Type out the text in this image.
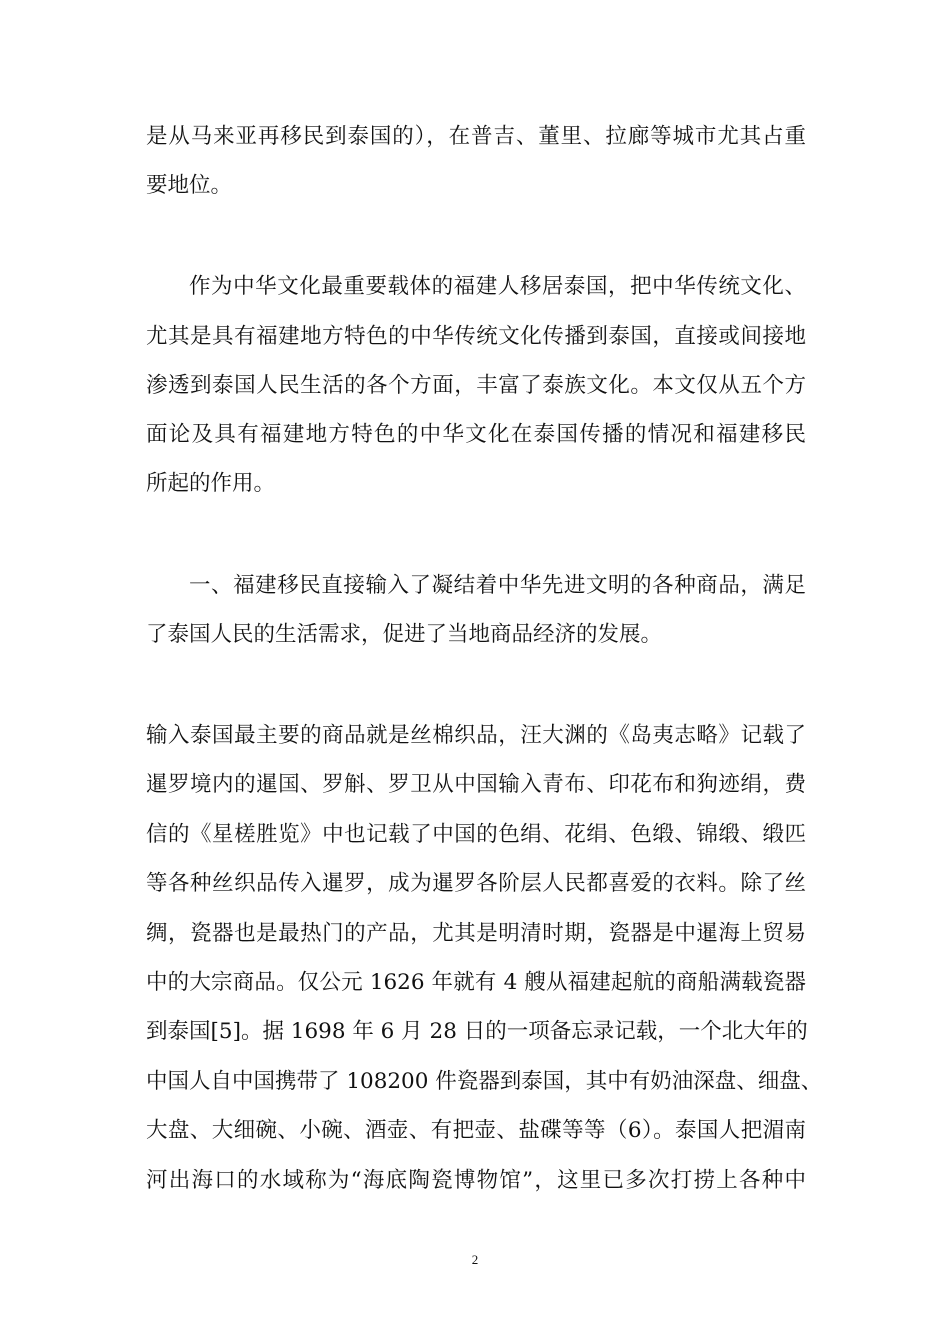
是从马来亚再移民到泰国的），在普吉、董里、拉廊等城市尤其占重

要地位。

作为中华文化最重要载体的福建人移居泰国，把中华传统文化、

尤其是具有福建地方特色的中华传统文化传播到泰国，直接或间接地

渗透到泰国人民生活的各个方面，丰富了泰族文化。本文仅从五个方

面论及具有福建地方特色的中华文化在泰国传播的情况和福建移民

所起的作用。

一、福建移民直接输入了凝结着中华先进文明的各种商品，满足

了泰国人民的生活需求，促进了当地商品经济的发展。

输入泰国最主要的商品就是丝棉织品，汪大渊的《岛夷志略》记载了

暹罗境内的暹国、罗斛、罗卫从中国输入青布、印花布和狗迹绢，费

信的《星槎胜览》中也记载了中国的色绢、花绢、色缎、锦缎、缎匹

等各种丝织品传入暹罗，成为暹罗各阶层人民都喜爱的衣料。除了丝

绸，瓷器也是最热门的产品，尤其是明清时期，瓷器是中暹海上贸易

中的大宗商品。仅公元 1626 年就有 4 艘从福建起航的商船满载瓷器

到泰国[5]。据 1698 年 6 月 28 日的一项备忘录记载，一个北大年的

中国人自中国携带了 108200 件瓷器到泰国，其中有奶油深盘、细盘、

大盘、大细碗、小碗、酒壶、有把壶、盐碟等等（6）。泰国人把湄南

河出海口的水域称为“海底陶瓷博物馆”，这里已多次打捞上各种中

2
